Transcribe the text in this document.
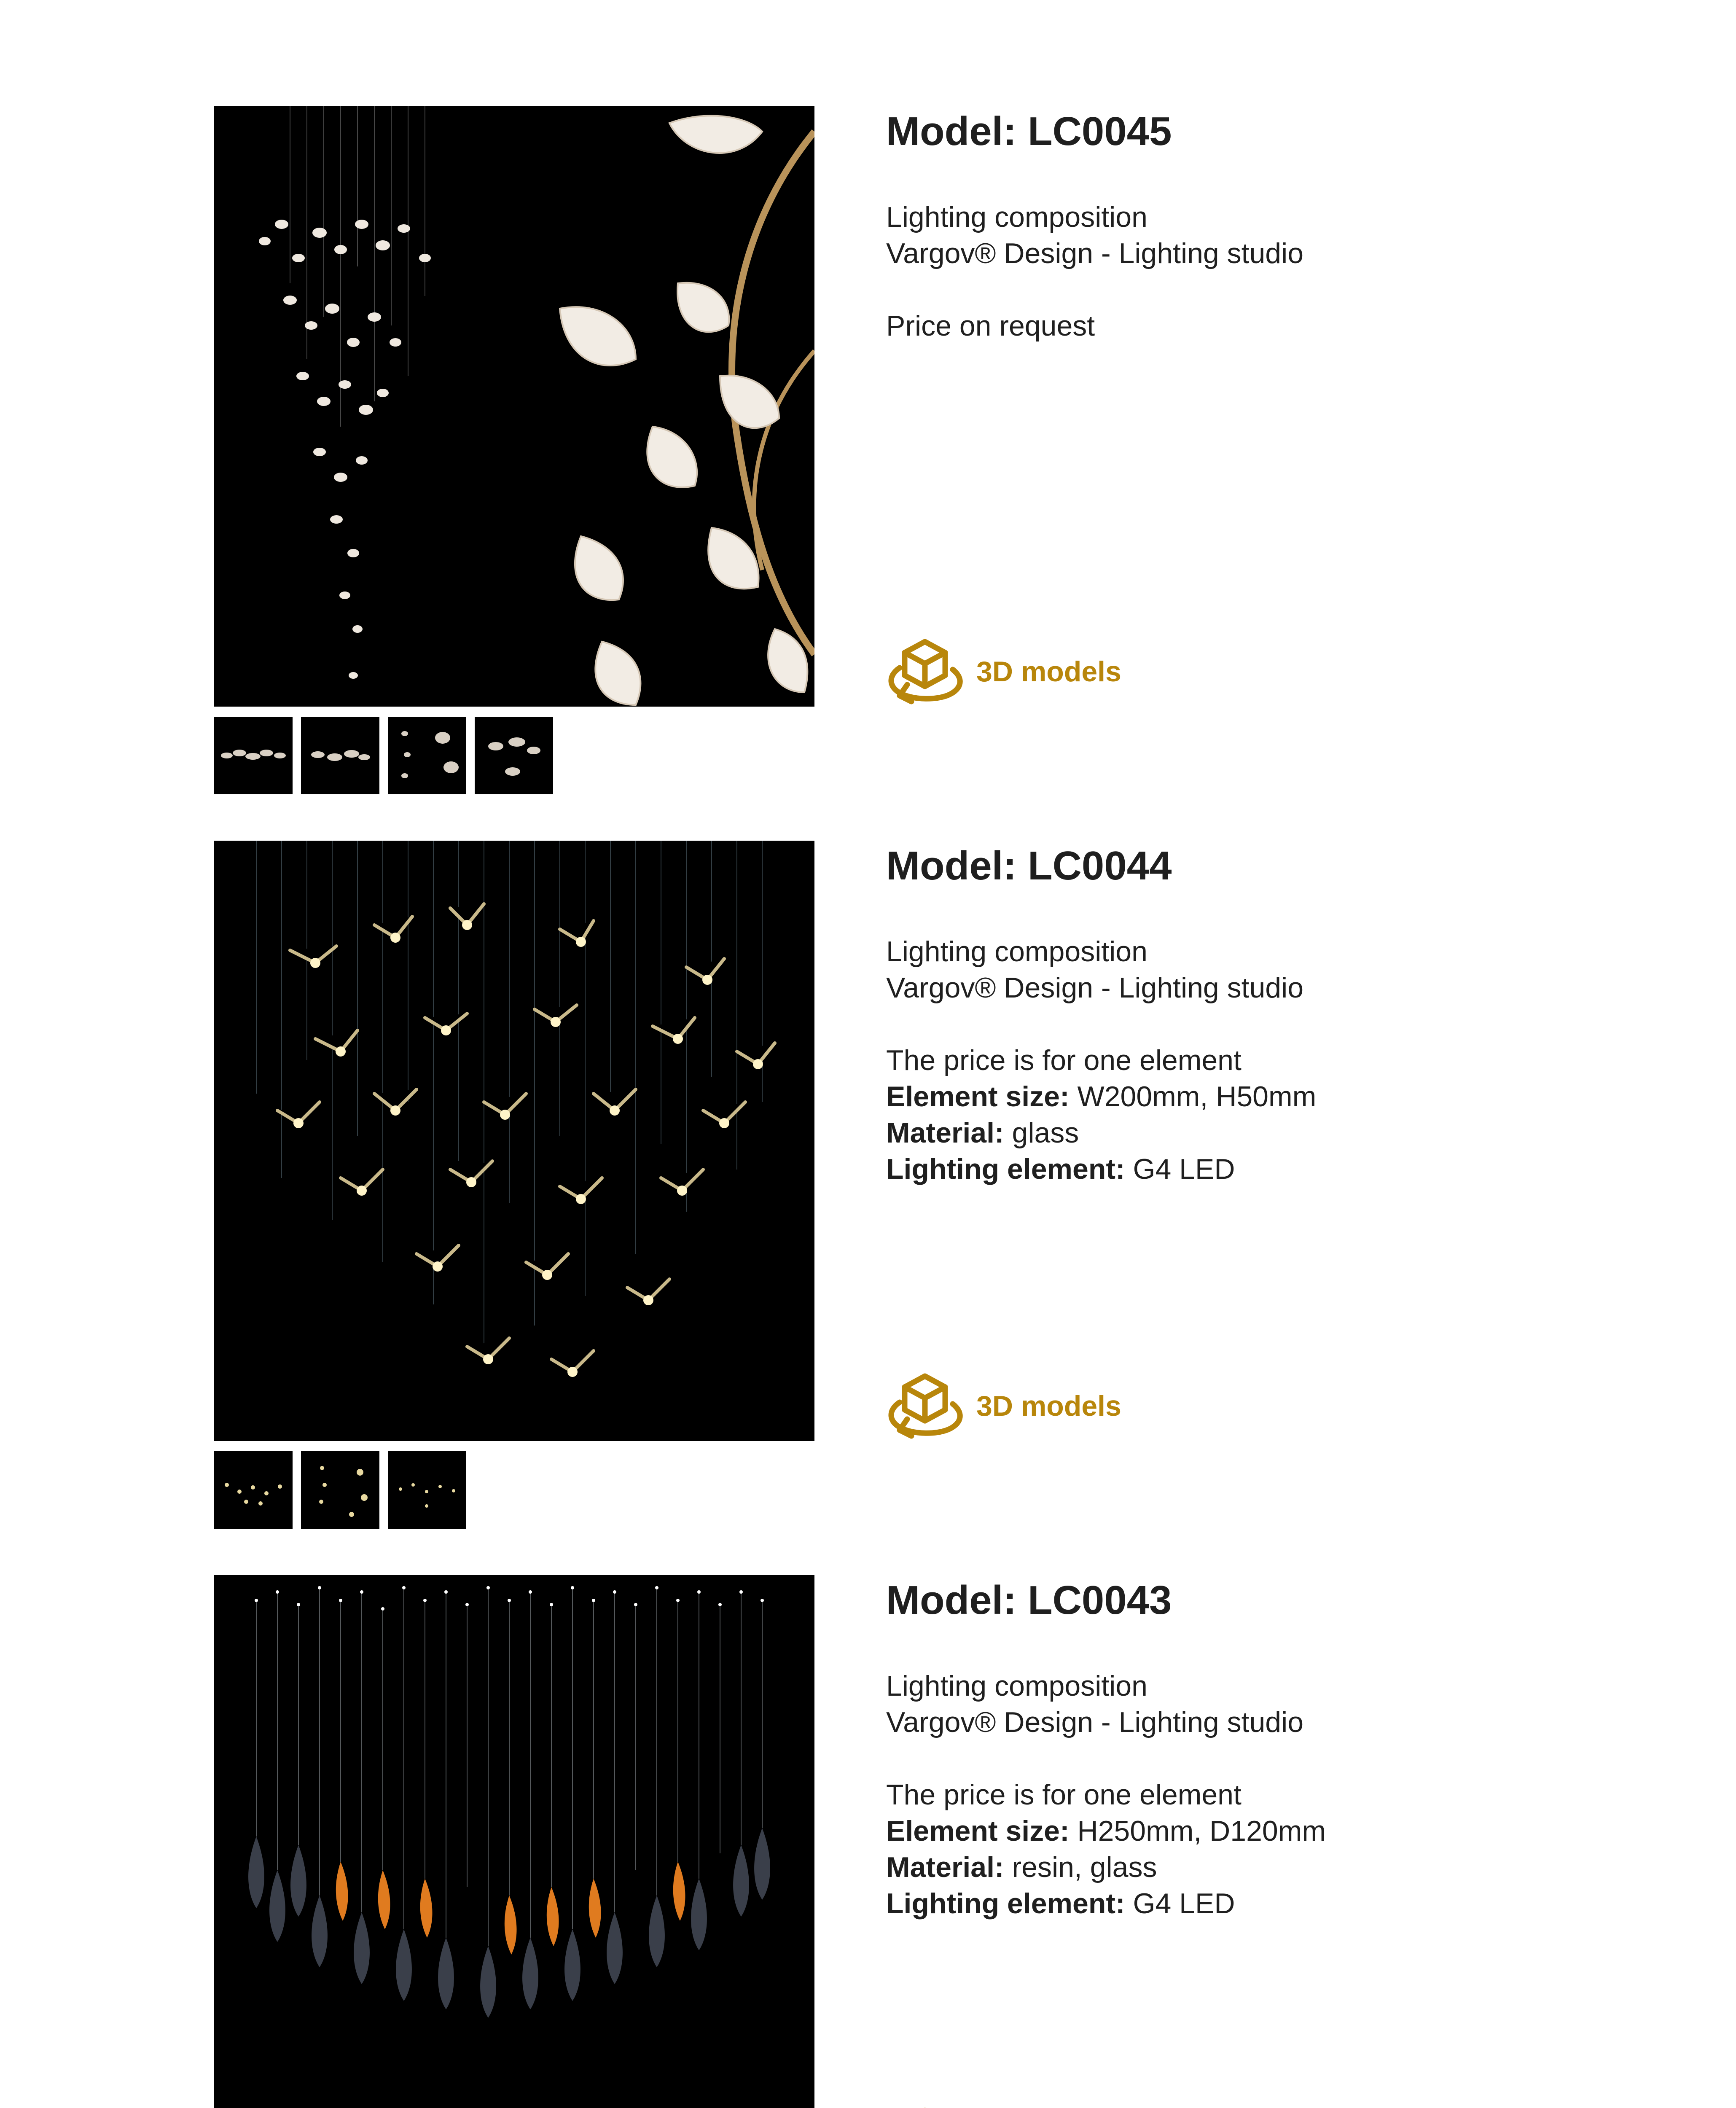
Model: LC0045
Lighting composition
Vargov® Design - Lighting studio
Price on request
3D models
Model: LC0044
Lighting composition
Vargov® Design - Lighting studio
The price is for one element
Element size: W200mm, H50mm
Material: glass
Lighting element: G4 LED
3D models
Model: LC0043
Lighting composition
Vargov® Design - Lighting studio
The price is for one element
Element size: H250mm, D120mm
Material: resin, glass
Lighting element: G4 LED
